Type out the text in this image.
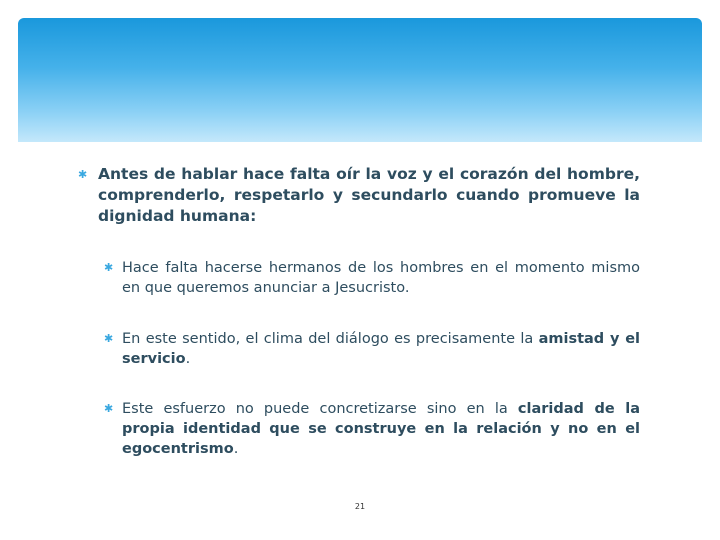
✱ Antes de hablar hace falta oír la voz y el corazón del hombre, comprenderlo, respetarlo y secundarlo cuando promueve la dignidad humana:
✱ Hace falta hacerse hermanos de los hombres en el momento mismo en que queremos anunciar a Jesucristo.
✱ En este sentido, el clima del diálogo es precisamente la amistad y el servicio.
✱ Este esfuerzo no puede concretizarse sino en la claridad de la propia identidad que se construye en la relación y no en el egocentrismo.
21
